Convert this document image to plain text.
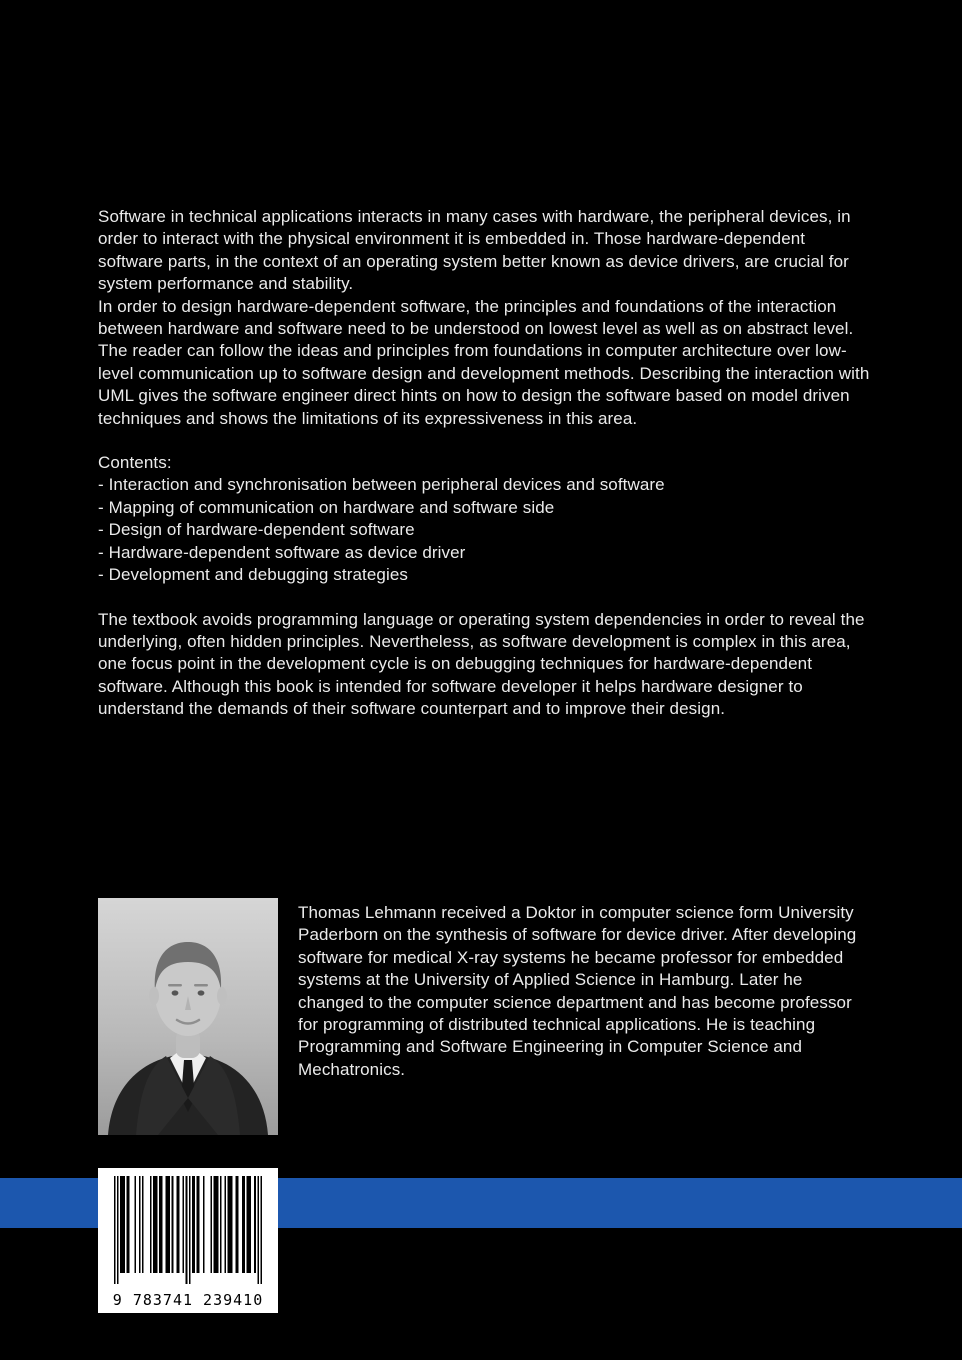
Software in technical applications interacts in many cases with hardware, the peripheral devices, in order to interact with the physical environment it is embedded in. Those hardware-dependent software parts, in the context of an operating system better known as device drivers, are crucial for system performance and stability.

In order to design hardware-dependent software, the principles and foundations of the interaction between hardware and software need to be understood on lowest level as well as on abstract level. The reader can follow the ideas and principles from foundations in computer architecture over low-level communication up to software design and development methods. Describing the interaction with UML gives the software engineer direct hints on how to design the software based on model driven techniques and shows the limitations of its expressiveness in this area.

Contents:

- Interaction and synchronisation between peripheral devices and software
- Mapping of communication on hardware and software side
- Design of hardware-dependent software
- Hardware-dependent software as device driver
- Development and debugging strategies

The textbook avoids programming language or operating system dependencies in order to reveal the underlying, often hidden principles. Nevertheless, as software development is complex in this area, one focus point in the development cycle is on debugging techniques for hardware-dependent software. Although this book is intended for software developer it helps hardware designer to understand the demands of their software counterpart and to improve their design.

Thomas Lehmann received a Doktor in computer science form University Paderborn on the synthesis of software for device driver. After developing software for medical X-ray systems he became professor for embedded systems at the University of Applied Science in Hamburg. Later he changed to the computer science department and has become professor for programming of distributed technical applications. He is teaching Programming and Software Engineering in Computer Science and Mechatronics.

9 783741 239410
